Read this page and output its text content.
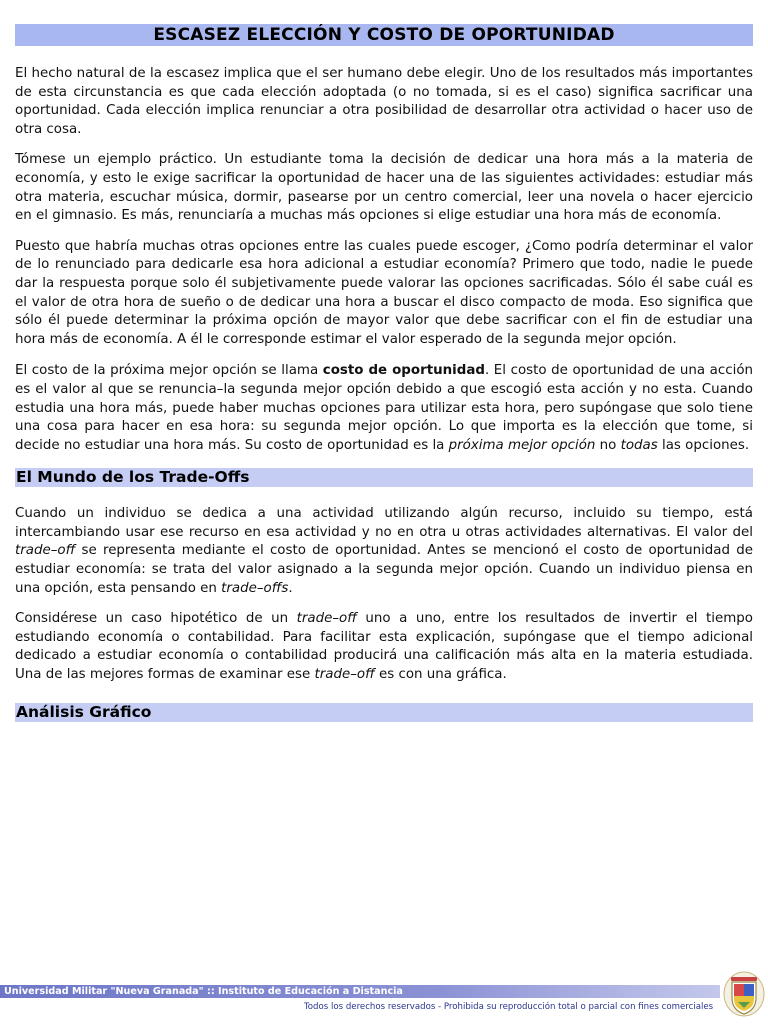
ESCASEZ ELECCIÓN Y COSTO DE OPORTUNIDAD

El hecho natural de la escasez implica que el ser humano debe elegir. Uno de los resultados más importantes de esta circunstancia es que cada elección adoptada (o no tomada, si es el caso) significa sacrificar una oportunidad. Cada elección implica renunciar a otra posibilidad de desarrollar otra actividad o hacer uso de otra cosa.

Tómese un ejemplo práctico. Un estudiante toma la decisión de dedicar una hora más a la materia de economía, y esto le exige sacrificar la oportunidad de hacer una de las siguientes actividades: estudiar más otra materia, escuchar música, dormir, pasearse por un centro comercial, leer una novela o hacer ejercicio en el gimnasio. Es más, renunciaría a muchas más opciones si elige estudiar una hora más de economía.

Puesto que habría muchas otras opciones entre las cuales puede escoger, ¿Como podría determinar el valor de lo renunciado para dedicarle esa hora adicional a estudiar economía? Primero que todo, nadie le puede dar la respuesta porque solo él subjetivamente puede valorar las opciones sacrificadas. Sólo él sabe cuál es el valor de otra hora de sueño o de dedicar una hora a buscar el disco compacto de moda. Eso significa que sólo él puede determinar la próxima opción de mayor valor que debe sacrificar con el fin de estudiar una hora más de economía. A él le corresponde estimar el valor esperado de la segunda mejor opción.

El costo de la próxima mejor opción se llama costo de oportunidad. El costo de oportunidad de una acción es el valor al que se renuncia–la segunda mejor opción debido a que escogió esta acción y no esta. Cuando estudia una hora más, puede haber muchas opciones para utilizar esta hora, pero supóngase que solo tiene una cosa para hacer en esa hora: su segunda mejor opción. Lo que importa es la elección que tome, si decide no estudiar una hora más. Su costo de oportunidad es la próxima mejor opción no todas las opciones.

El Mundo de los Trade-Offs

Cuando un individuo se dedica a una actividad utilizando algún recurso, incluido su tiempo, está intercambiando usar ese recurso en esa actividad y no en otra u otras actividades alternativas. El valor del trade–off se representa mediante el costo de oportunidad. Antes se mencionó el costo de oportunidad de estudiar economía: se trata del valor asignado a la segunda mejor opción. Cuando un individuo piensa en una opción, esta pensando en trade–offs.

Considérese un caso hipotético de un trade–off uno a uno, entre los resultados de invertir el tiempo estudiando economía o contabilidad. Para facilitar esta explicación, supóngase que el tiempo adicional dedicado a estudiar economía o contabilidad producirá una calificación más alta en la materia estudiada. Una de las mejores formas de examinar ese trade–off es con una gráfica.

Análisis Gráfico
Universidad Militar "Nueva Granada" :: Instituto de Educación a Distancia
Todos los derechos reservados - Prohibida su reproducción total o parcial con fines comerciales
